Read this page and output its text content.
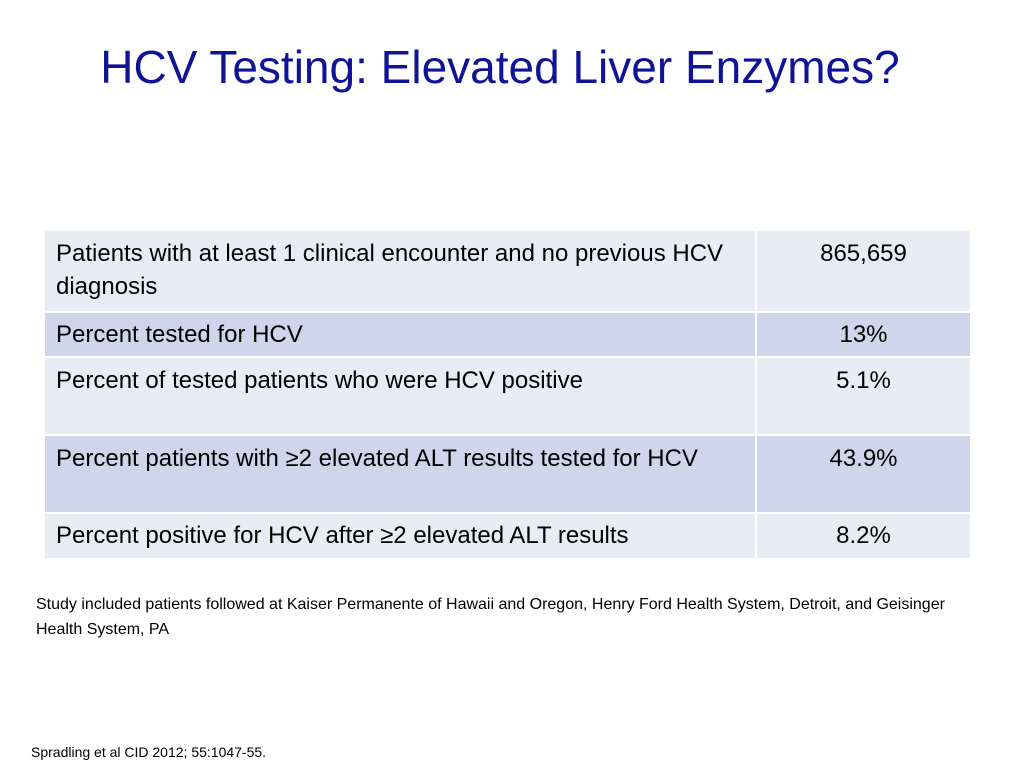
HCV Testing: Elevated Liver Enzymes?
Patients with at least 1 clinical encounter and no previous HCV diagnosis	865,659
Percent tested for HCV	13%
Percent of tested patients who were HCV positive	5.1%
Percent patients with ≥2 elevated ALT results tested for HCV	43.9%
Percent positive for HCV after ≥2 elevated ALT results	8.2%

Study included patients followed at Kaiser Permanente of Hawaii and Oregon, Henry Ford Health System, Detroit, and Geisinger Health System, PA

Spradling et al CID 2012; 55:1047-55.
